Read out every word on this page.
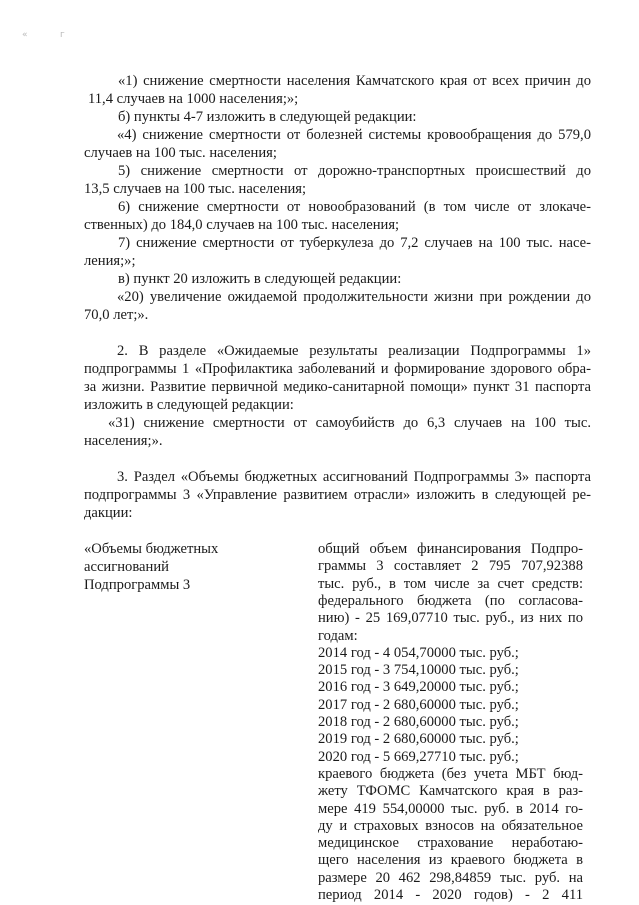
«	г
«1) снижение смертности населения Камчатского края от всех причин до
11,4 случаев на 1000 населения;»;
б) пункты 4-7 изложить в следующей редакции:
«4) снижение смертности от болезней системы кровообращения до 579,0
случаев на 100 тыс. населения;
5) снижение смертности от дорожно-транспортных происшествий до
13,5 случаев на 100 тыс. населения;
6) снижение смертности от новообразований (в том числе от злокаче-
ственных) до 184,0 случаев на 100 тыс. населения;
7) снижение смертности от туберкулеза до 7,2 случаев на 100 тыс. насе-
ления;»;
в) пункт 20 изложить в следующей редакции:
«20) увеличение ожидаемой продолжительности жизни при рождении до
70,0 лет;».
2. В разделе «Ожидаемые результаты реализации Подпрограммы 1»
подпрограммы 1 «Профилактика заболеваний и формирование здорового обра-
за жизни. Развитие первичной медико-санитарной помощи» пункт 31 паспорта
изложить в следующей редакции:
«31) снижение смертности от самоубийств до 6,3 случаев на 100 тыс.
населения;».
3. Раздел «Объемы бюджетных ассигнований Подпрограммы 3» паспорта
подпрограммы 3 «Управление развитием отрасли» изложить в следующей ре-
дакции:
«Объемы бюджетных
ассигнований
Подпрограммы 3
общий объем финансирования Подпро-
граммы 3 составляет 2 795 707,92388
тыс. руб., в том числе за счет средств:
федерального бюджета (по согласова-
нию) - 25 169,07710 тыс. руб., из них по
годам:
2014 год - 4 054,70000 тыс. руб.;
2015 год - 3 754,10000 тыс. руб.;
2016 год - 3 649,20000 тыс. руб.;
2017 год - 2 680,60000 тыс. руб.;
2018 год - 2 680,60000 тыс. руб.;
2019 год - 2 680,60000 тыс. руб.;
2020 год - 5 669,27710 тыс. руб.;
краевого бюджета (без учета МБТ бюд-
жету ТФОМС Камчатского края в раз-
мере 419 554,00000 тыс. руб. в 2014 го-
ду и страховых взносов на обязательное
медицинское страхование неработаю-
щего населения из краевого бюджета в
размере 20 462 298,84859 тыс. руб. на
период 2014 - 2020 годов) - 2 411
